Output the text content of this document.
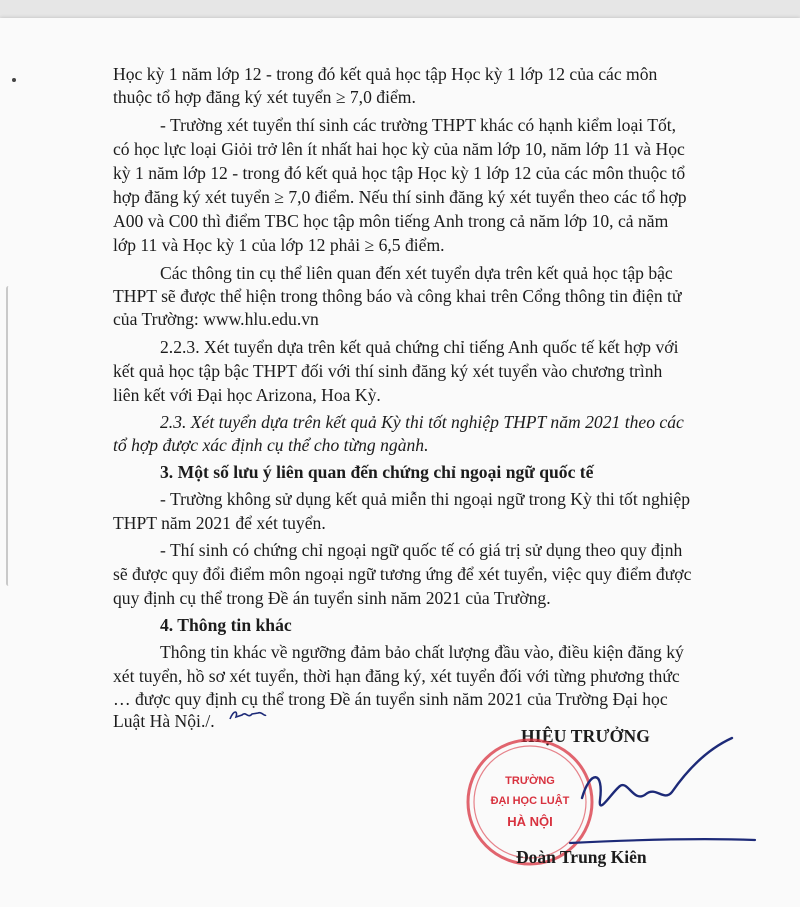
Học kỳ 1 năm lớp 12 - trong đó kết quả học tập Học kỳ 1 lớp 12 của các môn
thuộc tổ hợp đăng ký xét tuyển ≥ 7,0 điểm.
- Trường xét tuyển thí sinh các trường THPT khác có hạnh kiểm loại Tốt,
có học lực loại Giỏi trở lên ít nhất hai học kỳ của năm lớp 10, năm lớp 11 và Học
kỳ 1 năm lớp 12 - trong đó kết quả học tập Học kỳ 1 lớp 12 của các môn thuộc tổ
hợp đăng ký xét tuyển ≥ 7,0 điểm. Nếu thí sinh đăng ký xét tuyển theo các tổ hợp
A00 và C00 thì điểm TBC học tập môn tiếng Anh trong cả năm lớp 10, cả năm
lớp 11 và Học kỳ 1 của lớp 12 phải ≥ 6,5 điểm.
Các thông tin cụ thể liên quan đến xét tuyển dựa trên kết quả học tập bậc
THPT sẽ được thể hiện trong thông báo và công khai trên Cổng thông tin điện tử
của Trường: www.hlu.edu.vn
2.2.3. Xét tuyển dựa trên kết quả chứng chỉ tiếng Anh quốc tế kết hợp với
kết quả học tập bậc THPT đối với thí sinh đăng ký xét tuyển vào chương trình
liên kết với Đại học Arizona, Hoa Kỳ.
2.3. Xét tuyển dựa trên kết quả Kỳ thi tốt nghiệp THPT năm 2021 theo các
tổ hợp được xác định cụ thể cho từng ngành.
3. Một số lưu ý liên quan đến chứng chỉ ngoại ngữ quốc tế
- Trường không sử dụng kết quả miễn thi ngoại ngữ trong Kỳ thi tốt nghiệp
THPT năm 2021 để xét tuyển.
- Thí sinh có chứng chỉ ngoại ngữ quốc tế có giá trị sử dụng theo quy định
sẽ được quy đổi điểm môn ngoại ngữ tương ứng để xét tuyển, việc quy điểm được
quy định cụ thể trong Đề án tuyển sinh năm 2021 của Trường.
4. Thông tin khác
Thông tin khác về ngưỡng đảm bảo chất lượng đầu vào, điều kiện đăng ký
xét tuyển, hồ sơ xét tuyển, thời hạn đăng ký, xét tuyển đối với từng phương thức
… được quy định cụ thể trong Đề án tuyển sinh năm 2021 của Trường Đại học
Luật Hà Nội./.
HIỆU TRƯỞNG
TRƯỜNG
ĐẠI HỌC LUẬT
HÀ NỘI
Đoàn Trung Kiên
